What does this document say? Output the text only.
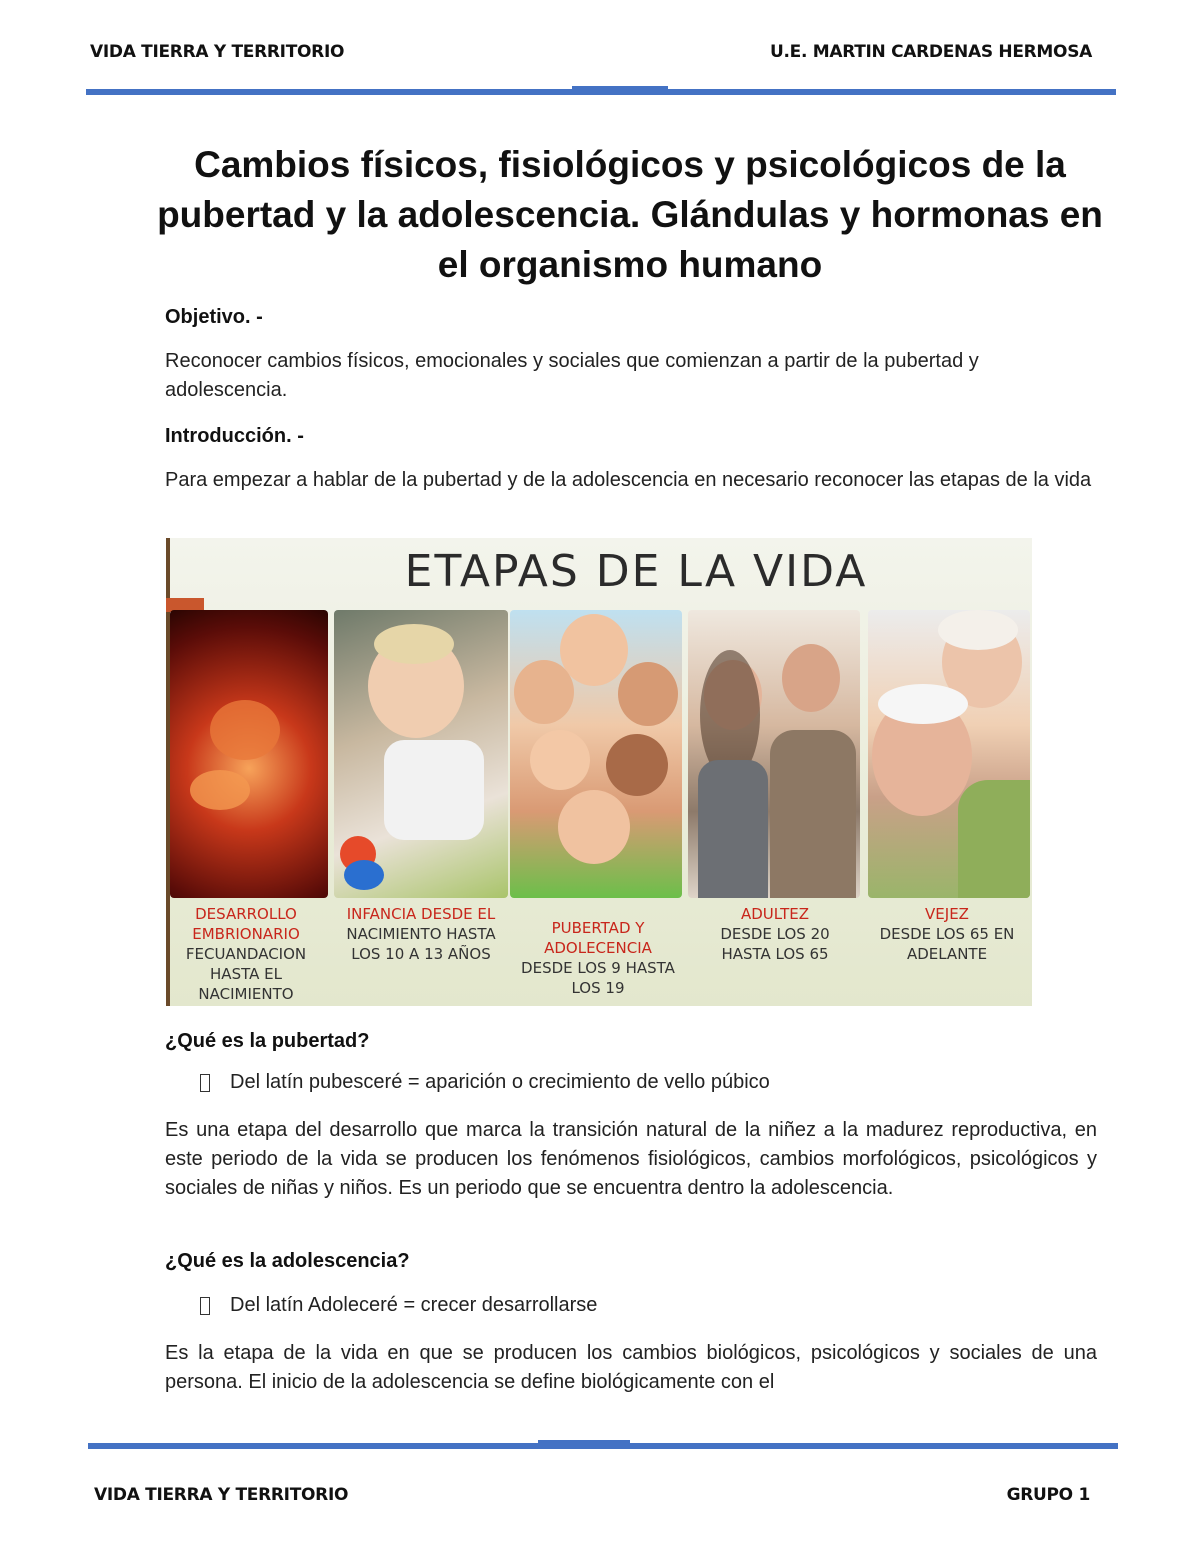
VIDA TIERRA Y TERRITORIO	U.E. MARTIN CARDENAS HERMOSA
Cambios físicos, fisiológicos y psicológicos de la pubertad y la adolescencia. Glándulas y hormonas en el organismo humano
Objetivo. -
Reconocer cambios físicos, emocionales y sociales que comienzan a partir de la pubertad y adolescencia.
Introducción. -
Para empezar a hablar de la pubertad y de la adolescencia en necesario reconocer las etapas de la vida
ETAPAS DE LA VIDA
DESARROLLO EMBRIONARIO
FECUANDACION HASTA EL NACIMIENTO
INFANCIA DESDE EL
NACIMIENTO HASTA LOS 10 A 13 AÑOS
PUBERTAD Y ADOLECENCIA
DESDE LOS 9 HASTA LOS 19
ADULTEZ
DESDE LOS 20 HASTA LOS 65
VEJEZ
DESDE LOS 65 EN ADELANTE
¿Qué es la pubertad?
Del latín pubesceré = aparición o crecimiento de vello púbico
Es una etapa del desarrollo que marca la transición natural de la niñez a la madurez reproductiva, en este periodo de la vida se producen los fenómenos fisiológicos, cambios morfológicos, psicológicos y sociales de niñas y niños. Es un periodo que se encuentra dentro la adolescencia.
¿Qué es la adolescencia?
Del latín Adoleceré = crecer desarrollarse
Es la etapa de la vida en que se producen los cambios biológicos, psicológicos y sociales de una persona. El inicio de la adolescencia se define biológicamente con el
VIDA TIERRA Y TERRITORIO	GRUPO 1
